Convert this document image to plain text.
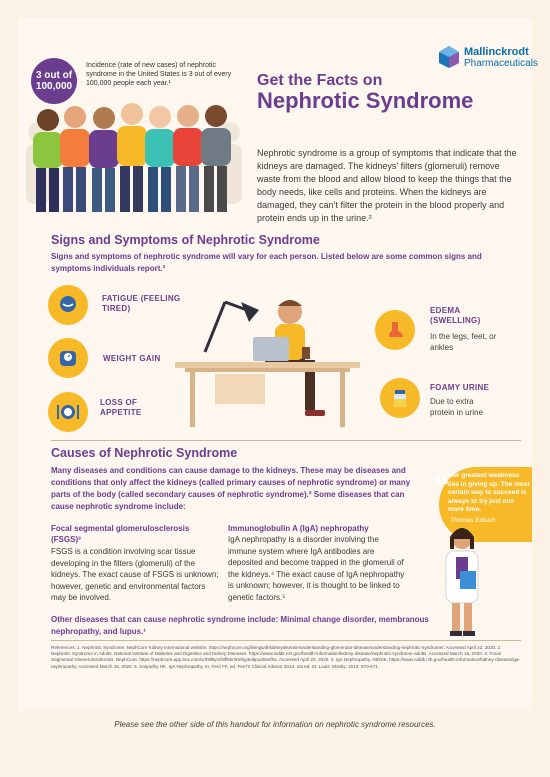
3 out of
100,000
Incidence (rate of new cases) of nephrotic syndrome in the United States is 3 out of every 100,000 people each year.¹
Mallinckrodt
Pharmaceuticals
Get the Facts on
Nephrotic Syndrome
Nephrotic syndrome is a group of symptoms that indicate that the kidneys are damaged. The kidneys’ filters (glomeruli) remove waste from the blood and allow blood to keep the things that the body needs, like cells and proteins. When the kidneys are damaged, they can’t filter the protein in the blood properly and protein ends up in the urine.²
Signs and Symptoms of Nephrotic Syndrome
Signs and symptoms of nephrotic syndrome will vary for each person. Listed below are some common signs and symptoms individuals report.²
FATIGUE (FEELING TIRED)
WEIGHT GAIN
LOSS OF APPETITE
EDEMA (SWELLING)
In the legs, feet, or ankles
FOAMY URINE
Due to extra protein in urine
Causes of Nephrotic Syndrome
Many diseases and conditions can cause damage to the kidneys. These may be diseases and conditions that only affect the kidneys (called primary causes of nephrotic syndrome) or many parts of the body (called secondary causes of nephrotic syndrome).² Some diseases that can cause nephrotic syndrome include:
“
Our greatest weakness lies in giving up. The most certain way to succeed is always to try just one more time.
Thomas Edison ”
Focal segmental glomerulosclerosis (FSGS)³
FSGS is a condition involving scar tissue developing in the filters (glomeruli) of the kidneys. The exact cause of FSGS is unknown; however, genetic and environmental factors may be involved.
Immunoglobulin A (IgA) nephropathy
IgA nephropathy is a disorder involving the immune system where IgA antibodies are deposited and become trapped in the glomeruli of the kidneys.⁴ The exact cause of IgA nephropathy is unknown; however, it is thought to be linked to genetic factors.⁵
Other diseases that can cause nephrotic syndrome include: Minimal change disorder, membranous nephropathy, and lupus.¹
References: 1. Nephrotic Syndrome. NephCure Kidney International website. https://nephcure.org/livingwithkidneydisease/understanding-glomerular-disease/understanding-nephrotic-syndrome/. Accessed April 22, 2020. 2. Nephrotic Syndrome in Adults. National Institute of Diabetes and Digestive and Kidney Diseases. https://www.niddk.nih.gov/health-information/kidney-disease/nephrotic-syndrome-adults. Accessed March 18, 2020. 3. Focal Segmental Glomerulosclerosis. NephCure. https://nephcure.app.box.com/s/rl9ll6yvcl9fl5br00ebg4ei6pud6esfha. Accessed April 20, 2020. 4. IgA Nephropathy. NIDDK. https://www.niddk.nih.gov/health-information/kidney-disease/iga-nephropathy. Accessed March 18, 2020. 5. Satyadhy HK. IgA Nephropathy. In: Ferri FF, ed. Ferri’s Clinical Advisor 2013. 1st ed. St. Louis: Mosby; 2012: 570-571.
Please see the other side of this handout for information on nephrotic syndrome resources.
